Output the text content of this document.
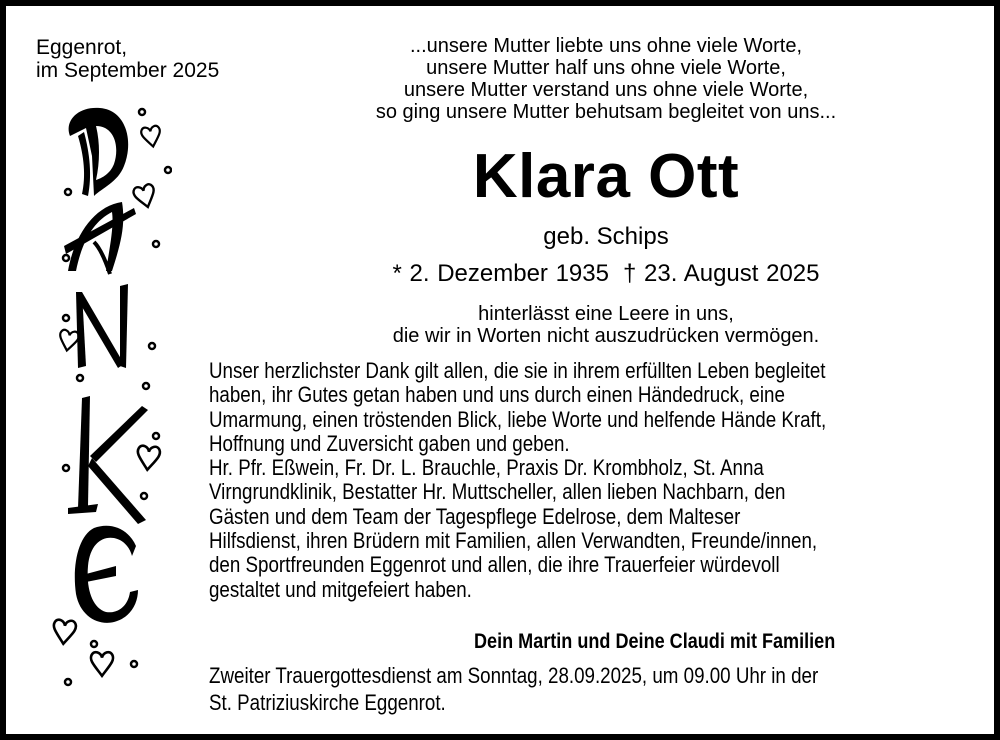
Eggenrot,
im September 2025
...unsere Mutter liebte uns ohne viele Worte,
unsere Mutter half uns ohne viele Worte,
unsere Mutter verstand uns ohne viele Worte,
so ging unsere Mutter behutsam begleitet von uns...
Klara Ott
geb. Schips
* 2. Dezember 1935 † 23. August 2025
hinterlässt eine Leere in uns,
die wir in Worten nicht auszudrücken vermögen.
Unser herzlichster Dank gilt allen, die sie in ihrem erfüllten Leben begleitet
haben, ihr Gutes getan haben und uns durch einen Händedruck, eine
Umarmung, einen tröstenden Blick, liebe Worte und helfende Hände Kraft,
Hoffnung und Zuversicht gaben und geben.
Hr. Pfr. Eßwein, Fr. Dr. L. Brauchle, Praxis Dr. Krombholz, St. Anna
Virngrundklinik, Bestatter Hr. Muttscheller, allen lieben Nachbarn, den
Gästen und dem Team der Tagespflege Edelrose, dem Malteser
Hilfsdienst, ihren Brüdern mit Familien, allen Verwandten, Freunde/innen,
den Sportfreunden Eggenrot und allen, die ihre Trauerfeier würdevoll
gestaltet und mitgefeiert haben.
Dein Martin und Deine Claudi mit Familien
Zweiter Trauergottesdienst am Sonntag, 28.09.2025, um 09.00 Uhr in der
St. Patriziuskirche Eggenrot.
